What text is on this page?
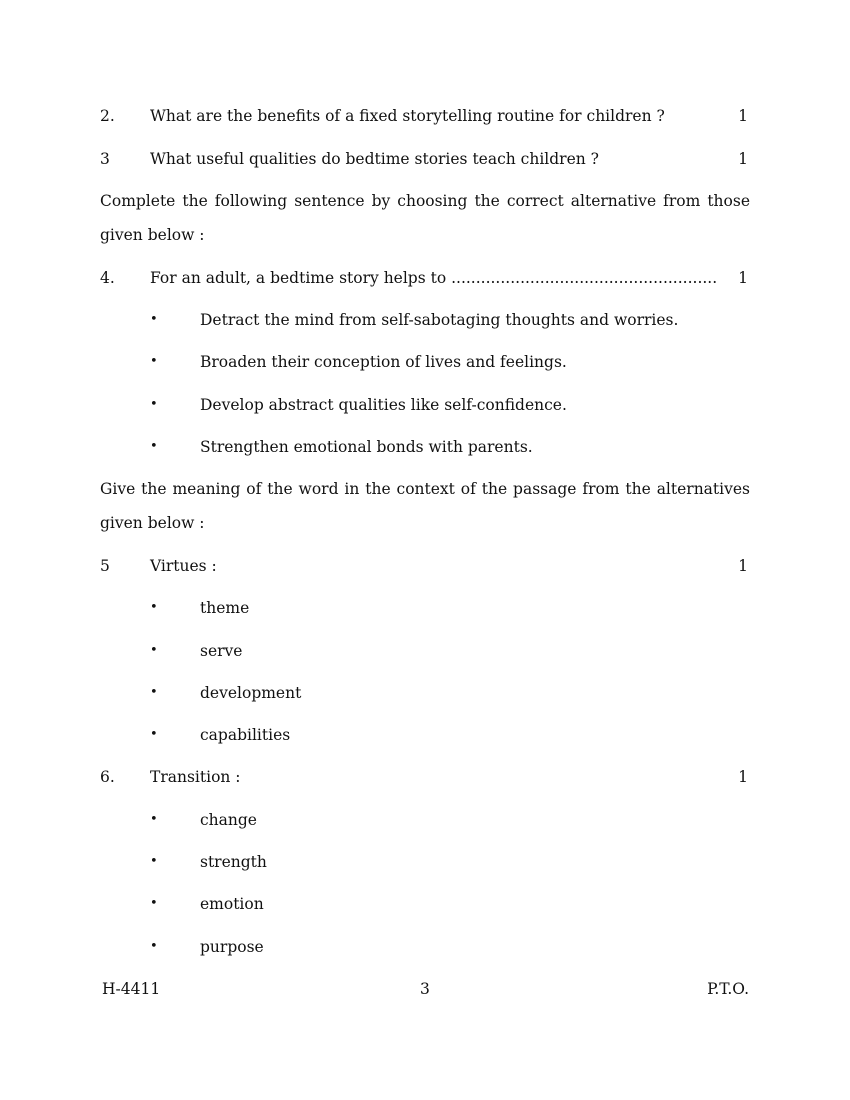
2. What are the benefits of a fixed storytelling routine for children ?	1
3	What useful qualities do bedtime stories teach children ?	1
Complete the following sentence by choosing the correct alternative from those given below :
4. For an adult, a bedtime story helps to ...................................................... 1
•	Detract the mind from self-sabotaging thoughts and worries.
•	Broaden their conception of lives and feelings.
•	Develop abstract qualities like self-confidence.
•	Strengthen emotional bonds with parents.
Give the meaning of the word in the context of the passage from the alternatives given below :
5	Virtues :	1
•	theme
•	serve
•	development
•	capabilities
6. Transition :	1
•	change
•	strength
•	emotion
•	purpose
H-4411	3	P.T.O.
